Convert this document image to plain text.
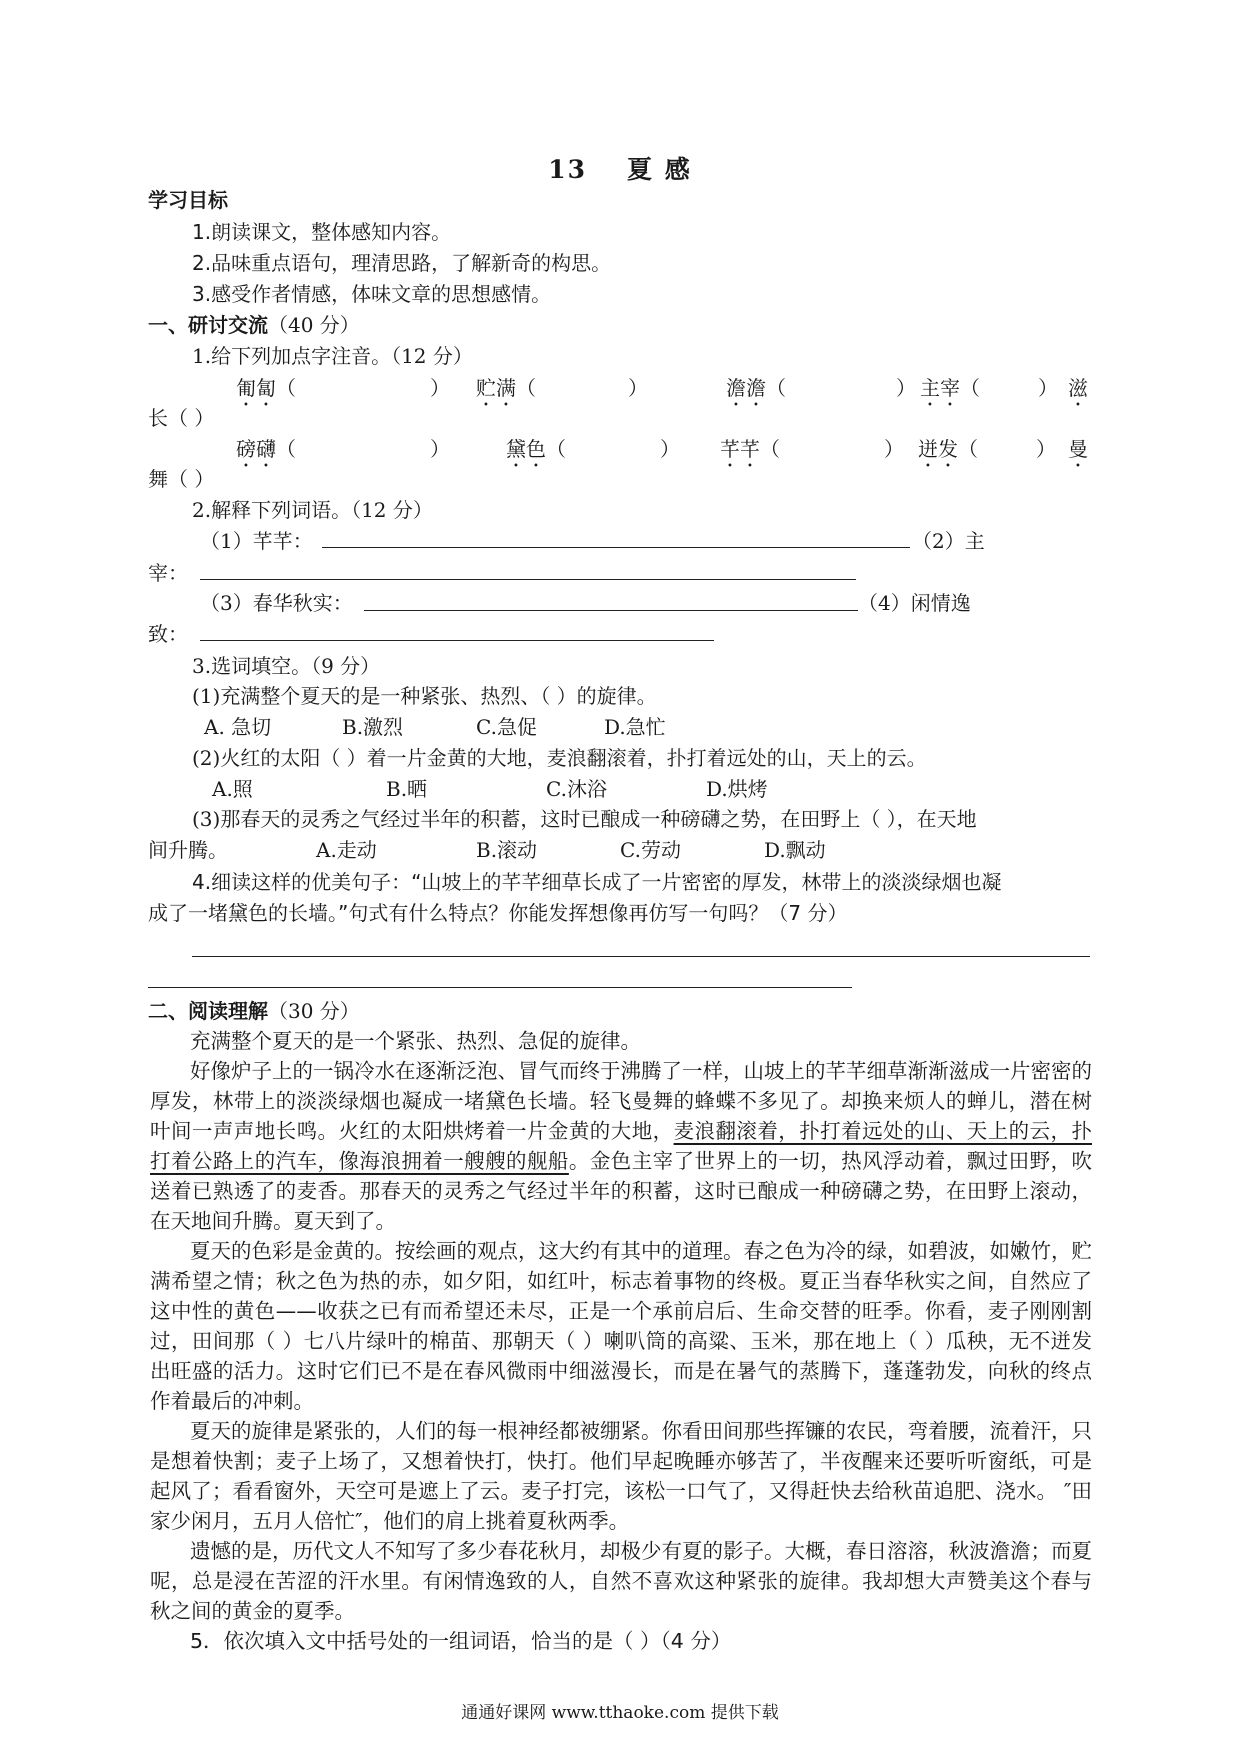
13 夏 感
学习目标
1.朗读课文，整体感知内容。
2.品味重点语句，理清思路，了解新奇的构思。
3.感受作者情感，体味文章的思想感情。
一、研讨交流（40 分）
1.给下列加点字注音。（12 分）
匍匐（	） 贮满（	）	澹澹（	） 主宰（	） 滋
长（ ）
磅礴（	）	黛色（	） 芊芊（	） 迸发（	） 曼
舞（ ）
2.解释下列词语。（12 分）
（1）芊芊：	（2）主
宰：
（3）春华秋实：	（4）闲情逸
致：
3.选词填空。（9 分）
(1)充满整个夏天的是一种紧张、热烈、（ ）的旋律。
A. 急切	B.激烈	C.急促	D.急忙
(2)火红的太阳（ ）着一片金黄的大地，麦浪翻滚着，扑打着远处的山，天上的云。
A.照	B.晒	C.沐浴	D.烘烤
(3)那春天的灵秀之气经过半年的积蓄，这时已酿成一种磅礴之势，在田野上（ ），在天地
间升腾。	A.走动	B.滚动	C.劳动	D.飘动
4.细读这样的优美句子：“山坡上的芊芊细草长成了一片密密的厚发，林带上的淡淡绿烟也凝
成了一堵黛色的长墙。”句式有什么特点？你能发挥想像再仿写一句吗？（7 分）
二、阅读理解（30 分）

充满整个夏天的是一个紧张、热烈、急促的旋律。

好像炉子上的一锅冷水在逐渐泛泡、冒气而终于沸腾了一样，山坡上的芊芊细草渐渐滋成一片密密的厚发，林带上的淡淡绿烟也凝成一堵黛色长墙。轻飞曼舞的蜂蝶不多见了。却换来烦人的蝉儿，潜在树叶间一声声地长鸣。火红的太阳烘烤着一片金黄的大地，麦浪翻滚着，扑打着远处的山、天上的云，扑打着公路上的汽车，像海浪拥着一艘艘的舰船。金色主宰了世界上的一切，热风浮动着，飘过田野，吹送着已熟透了的麦香。那春天的灵秀之气经过半年的积蓄，这时已酿成一种磅礴之势，在田野上滚动，在天地间升腾。夏天到了。

夏天的色彩是金黄的。按绘画的观点，这大约有其中的道理。春之色为冷的绿，如碧波，如嫩竹，贮满希望之情；秋之色为热的赤，如夕阳，如红叶，标志着事物的终极。夏正当春华秋实之间，自然应了这中性的黄色——收获之已有而希望还未尽，正是一个承前启后、生命交替的旺季。你看，麦子刚刚割过，田间那（ ）七八片绿叶的棉苗、那朝天（ ）喇叭筒的高粱、玉米，那在地上（ ）瓜秧，无不迸发出旺盛的活力。这时它们已不是在春风微雨中细滋漫长，而是在暑气的蒸腾下，蓬蓬勃发，向秋的终点作着最后的冲刺。

夏天的旋律是紧张的，人们的每一根神经都被绷紧。你看田间那些挥镰的农民，弯着腰，流着汗，只是想着快割；麦子上场了，又想着快打，快打。他们早起晚睡亦够苦了，半夜醒来还要听听窗纸，可是起风了；看看窗外，天空可是遮上了云。麦子打完，该松一口气了，又得赶快去给秋苗追肥、浇水。 ″田家少闲月，五月人倍忙″，他们的肩上挑着夏秋两季。

遗憾的是，历代文人不知写了多少春花秋月，却极少有夏的影子。大概，春日溶溶，秋波澹澹；而夏呢，总是浸在苦涩的汗水里。有闲情逸致的人，自然不喜欢这种紧张的旋律。我却想大声赞美这个春与秋之间的黄金的夏季。

5．依次填入文中括号处的一组词语，恰当的是（ ）（4 分）

通通好课网 www.tthaoke.com 提供下载
